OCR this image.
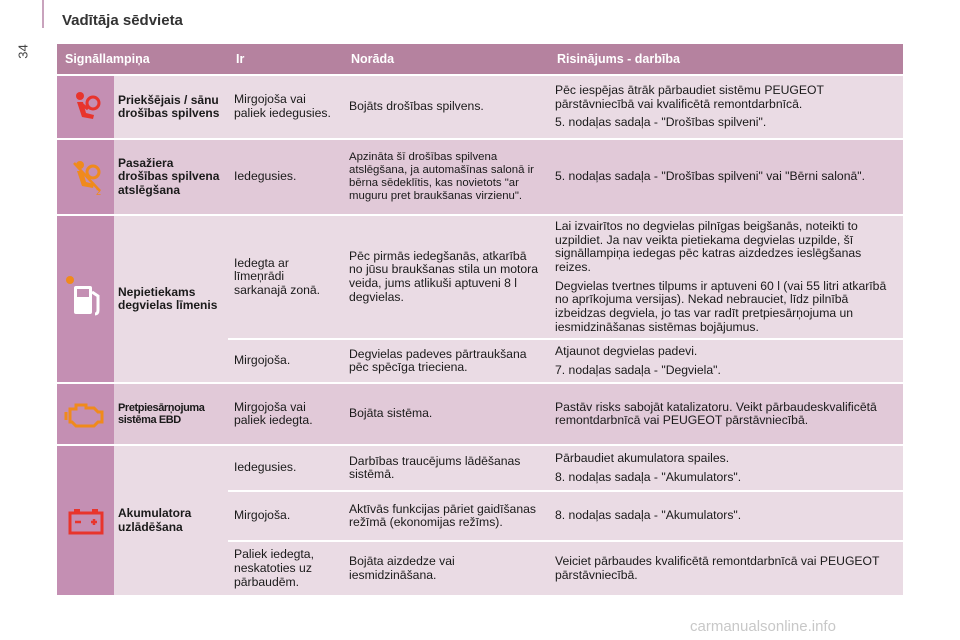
34
Vadītāja sēdvieta
Signāllampiņa		Ir	Norāda	Risinājums - darbība
	Priekšējais / sānu drošības spilvens	Mirgojoša vai paliek iedegusies.	Bojāts drošības spilvens.	Pēc iespējas ātrāk pārbaudiet sistēmu PEUGEOT pārstāvniecībā vai kvalificētā remontdarbnīcā.

5. nodaļas sadaļa - "Drošības spilveni".

2	Pasažiera drošības spilvena atslēgšana	Iedegusies.	Apzināta šī drošības spilvena atslēgšana, ja automašīnas salonā ir bērna sēdeklītis, kas novietots "ar muguru pret braukšanas virzienu".	5. nodaļas sadaļa - "Drošības spilveni" vai "Bērni salonā".

	Nepietiekams degvielas līmenis	Iedegta ar līmeņrādi sarkanajā zonā.	Pēc pirmās iedegšanās, atkarībā no jūsu braukšanas stila un motora veida, jums atlikuši aptuveni 8 l degvielas.	Lai izvairītos no degvielas pilnīgas beigšanās, noteikti to uzpildiet. Ja nav veikta pietiekama degvielas uzpilde, šī signāllampiņa iedegas pēc katras aizdedzes ieslēgšanas reizes.

Degvielas tvertnes tilpums ir aptuveni 60 l (vai 55 litri atkarībā no aprīkojuma versijas). Nekad nebrauciet, līdz pilnībā izbeidzas degviela, jo tas var radīt pretpiesārņojuma un iesmidzināšanas sistēmas bojājumus.

		Mirgojoša.	Degvielas padeves pārtraukšana pēc spēcīga trieciena.	Atjaunot degvielas padevi.

7. nodaļas sadaļa - "Degviela".

	Pretpiesārņojuma sistēma EBD	Mirgojoša vai paliek iedegta.	Bojāta sistēma.	Pastāv risks sabojāt katalizatoru. Veikt pārbaudeskvalificētā remontdarbnīcā vai PEUGEOT pārstāvniecībā.

	Akumulatora uzlādēšana	Iedegusies.	Darbības traucējums lādēšanas sistēmā.	Pārbaudiet akumulatora spailes.

8. nodaļas sadaļa - "Akumulators".

		Mirgojoša.	Aktīvās funkcijas pāriet gaidīšanas režīmā (ekonomijas režīms).	8. nodaļas sadaļa - "Akumulators".

		Paliek iedegta, neskatoties uz pārbaudēm.	Bojāta aizdedze vai iesmidzināšana.	Veiciet pārbaudes kvalificētā remontdarbnīcā vai PEUGEOT pārstāvniecībā.

carmanualsonline.info
